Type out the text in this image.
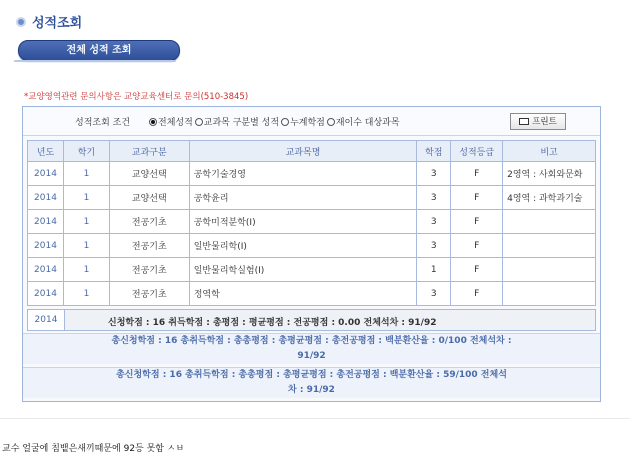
성적조회
전체 성적 조회
*교양영역관련 문의사항은 교양교육센터로 문의(510-3845)
성적조회 조건	전체성적	교과목 구분별 성적	누계학점	재이수 대상과목	프린트
년도	학기	교과구분	교과목명	학점	성적등급	비고
2014	1	교양선택	공학기술경영	3	F	2영역 : 사회와문화
2014	1	교양선택	공학윤리	3	F	4영역 : 과학과기술
2014	1	전공기초	공학미적분학(I)	3	F	
2014	1	전공기초	일반물리학(I)	3	F	
2014	1	전공기초	일반물리학실험(I)	1	F	
2014	1	전공기초	정역학	3	F	
2014	신청학점 : 16 취득학점 : 총평점 : 평균평점 : 전공평점 : 0.00 전체석차 : 91/92
총신청학점 : 16 총취득학점 : 총총평점 : 총평균평점 : 총전공평점 : 백분환산율 : 0/100 전체석차 :
91/92
총신청학점 : 16 총취득학점 : 총총평점 : 총평균평점 : 총전공평점 : 백분환산율 : 59/100 전체석
차 : 91/92
교수 얼굴에 침뱉은새끼때문에 92등 못함 ㅅㅂ
